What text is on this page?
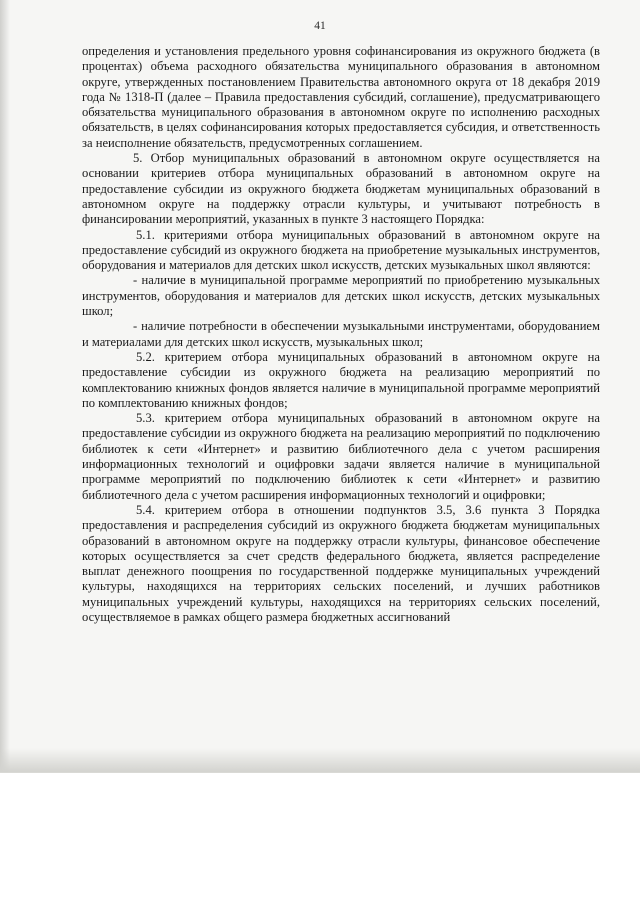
41

определения и установления предельного уровня софинансирования из окружного бюджета (в процентах) объема расходного обязательства муниципального образования в автономном округе, утвержденных постановлением Правительства автономного округа от 18 декабря 2019 года № 1318-П (далее – Правила предоставления субсидий, соглашение), предусматривающего обязательства муниципального образования в автономном округе по исполнению расходных обязательств, в целях софинансирования которых предоставляется субсидия, и ответственность за неисполнение обязательств, предусмотренных соглашением.

5. Отбор муниципальных образований в автономном округе осуществляется на основании критериев отбора муниципальных образований в автономном округе на предоставление субсидии из окружного бюджета бюджетам муниципальных образований в автономном округе на поддержку отрасли культуры, и учитывают потребность в финансировании мероприятий, указанных в пункте 3 настоящего Порядка:

5.1. критериями отбора муниципальных образований в автономном округе на предоставление субсидий из окружного бюджета на приобретение музыкальных инструментов, оборудования и материалов для детских школ искусств, детских музыкальных школ являются:

- наличие в муниципальной программе мероприятий по приобретению музыкальных инструментов, оборудования и материалов для детских школ искусств, детских музыкальных школ;

- наличие потребности в обеспечении музыкальными инструментами, оборудованием и материалами для детских школ искусств, музыкальных школ;

5.2. критерием отбора муниципальных образований в автономном округе на предоставление субсидии из окружного бюджета на реализацию мероприятий по комплектованию книжных фондов является наличие в муниципальной программе мероприятий по комплектованию книжных фондов;

5.3. критерием отбора муниципальных образований в автономном округе на предоставление субсидии из окружного бюджета на реализацию мероприятий по подключению библиотек к сети «Интернет» и развитию библиотечного дела с учетом расширения информационных технологий и оцифровки задачи является наличие в муниципальной программе мероприятий по подключению библиотек к сети «Интернет» и развитию библиотечного дела с учетом расширения информационных технологий и оцифровки;

5.4. критерием отбора в отношении подпунктов 3.5, 3.6 пункта 3 Порядка предоставления и распределения субсидий из окружного бюджета бюджетам муниципальных образований в автономном округе на поддержку отрасли культуры, финансовое обеспечение которых осуществляется за счет средств федерального бюджета, является распределение выплат денежного поощрения по государственной поддержке муниципальных учреждений культуры, находящихся на территориях сельских поселений, и лучших работников муниципальных учреждений культуры, находящихся на территориях сельских поселений, осуществляемое в рамках общего размера бюджетных ассигнований
